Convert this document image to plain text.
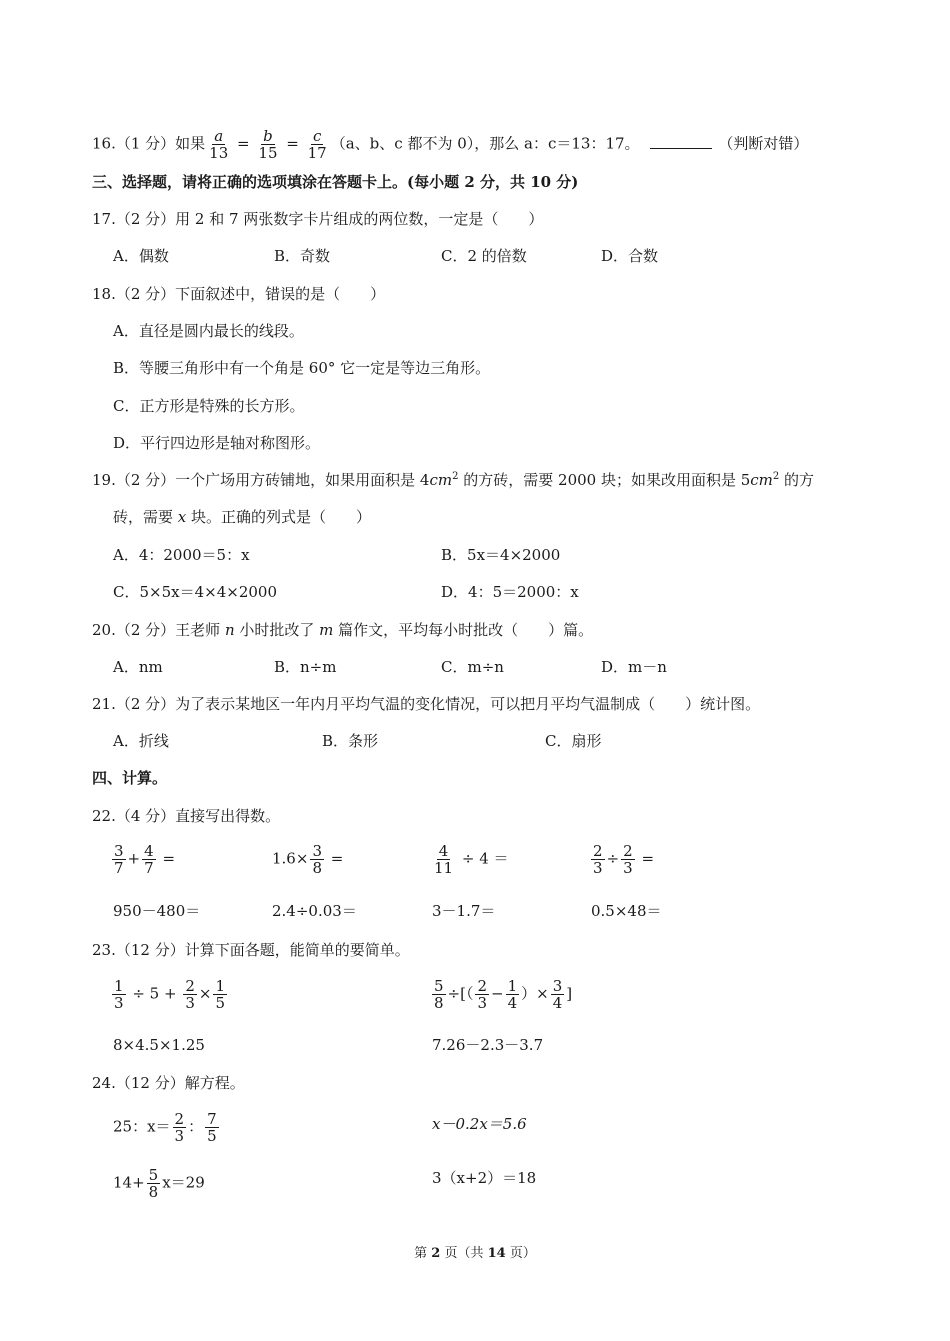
16.（1 分）如果 $\frac{a}{13} = \frac{b}{15} = \frac{c}{17} (a$、b、c 都不为 0），那么 a：c＝13：17。	（判断对错）
三、选择题，请将正确的选项填涂在答题卡上。(每小题 2 分，共 10 分)
17.（2 分）用 2 和 7 两张数字卡片组成的两位数，一定是（　　）
A．偶数	B．奇数	C．2 的倍数	D．合数
18.（2 分）下面叙述中，错误的是（　　）
A．直径是圆内最长的线段。
B．等腰三角形中有一个角是 60° 它一定是等边三角形。
C．正方形是特殊的长方形。
D．平行四边形是轴对称图形。
19.（2 分）一个广场用方砖铺地，如果用面积是 $4cm^2$ 的方砖，需要 2000 块；如果改用面积是 $5cm^2$ 的方
砖，需要 x 块。正确的列式是（　　）
A．4：2000＝5：x	B．5x＝4×2000
C．5×5x＝4×4×2000	D．4：5＝2000：x
20.（2 分）王老师 n 小时批改了 m 篇作文，平均每小时批改（　　）篇。
A．nm	B．n÷m	C．m÷n	D．m－n
21.（2 分）为了表示某地区一年内月平均气温的变化情况，可以把月平均气温制成（　　）统计图。
A．折线	B．条形	C．扇形
四、计算。
22.（4 分）直接写出得数。
$\frac{3}{7} + \frac{4}{7}$ =	$1.6\times \frac{3}{8}$ =	$\frac{4}{11} \div 4$ ＝	$\frac{2}{3} \div \frac{2}{3}$ =
950－480＝	2.4÷0.03＝	3－1.7＝	0.5×48＝
23.（12 分）计算下面各题，能简单的要简单。
$\frac{1}{3} \div 5 + \frac{2}{3} \times \frac{1}{5}$	$\frac{5}{8}$ ÷[（ $\frac{2}{3} - \frac{1}{4}$ ）× $\frac{3}{4}$ ]
8×4.5×1.25	7.26－2.3－3.7
24.（12 分）解方程。
25：$x= \frac{2}{3}$ ： $\frac{7}{5}$	x－0.2x＝5.6
$14+ \frac{5}{8} x=29$	3（x+2）＝18
第 2 页（共 14 页）
